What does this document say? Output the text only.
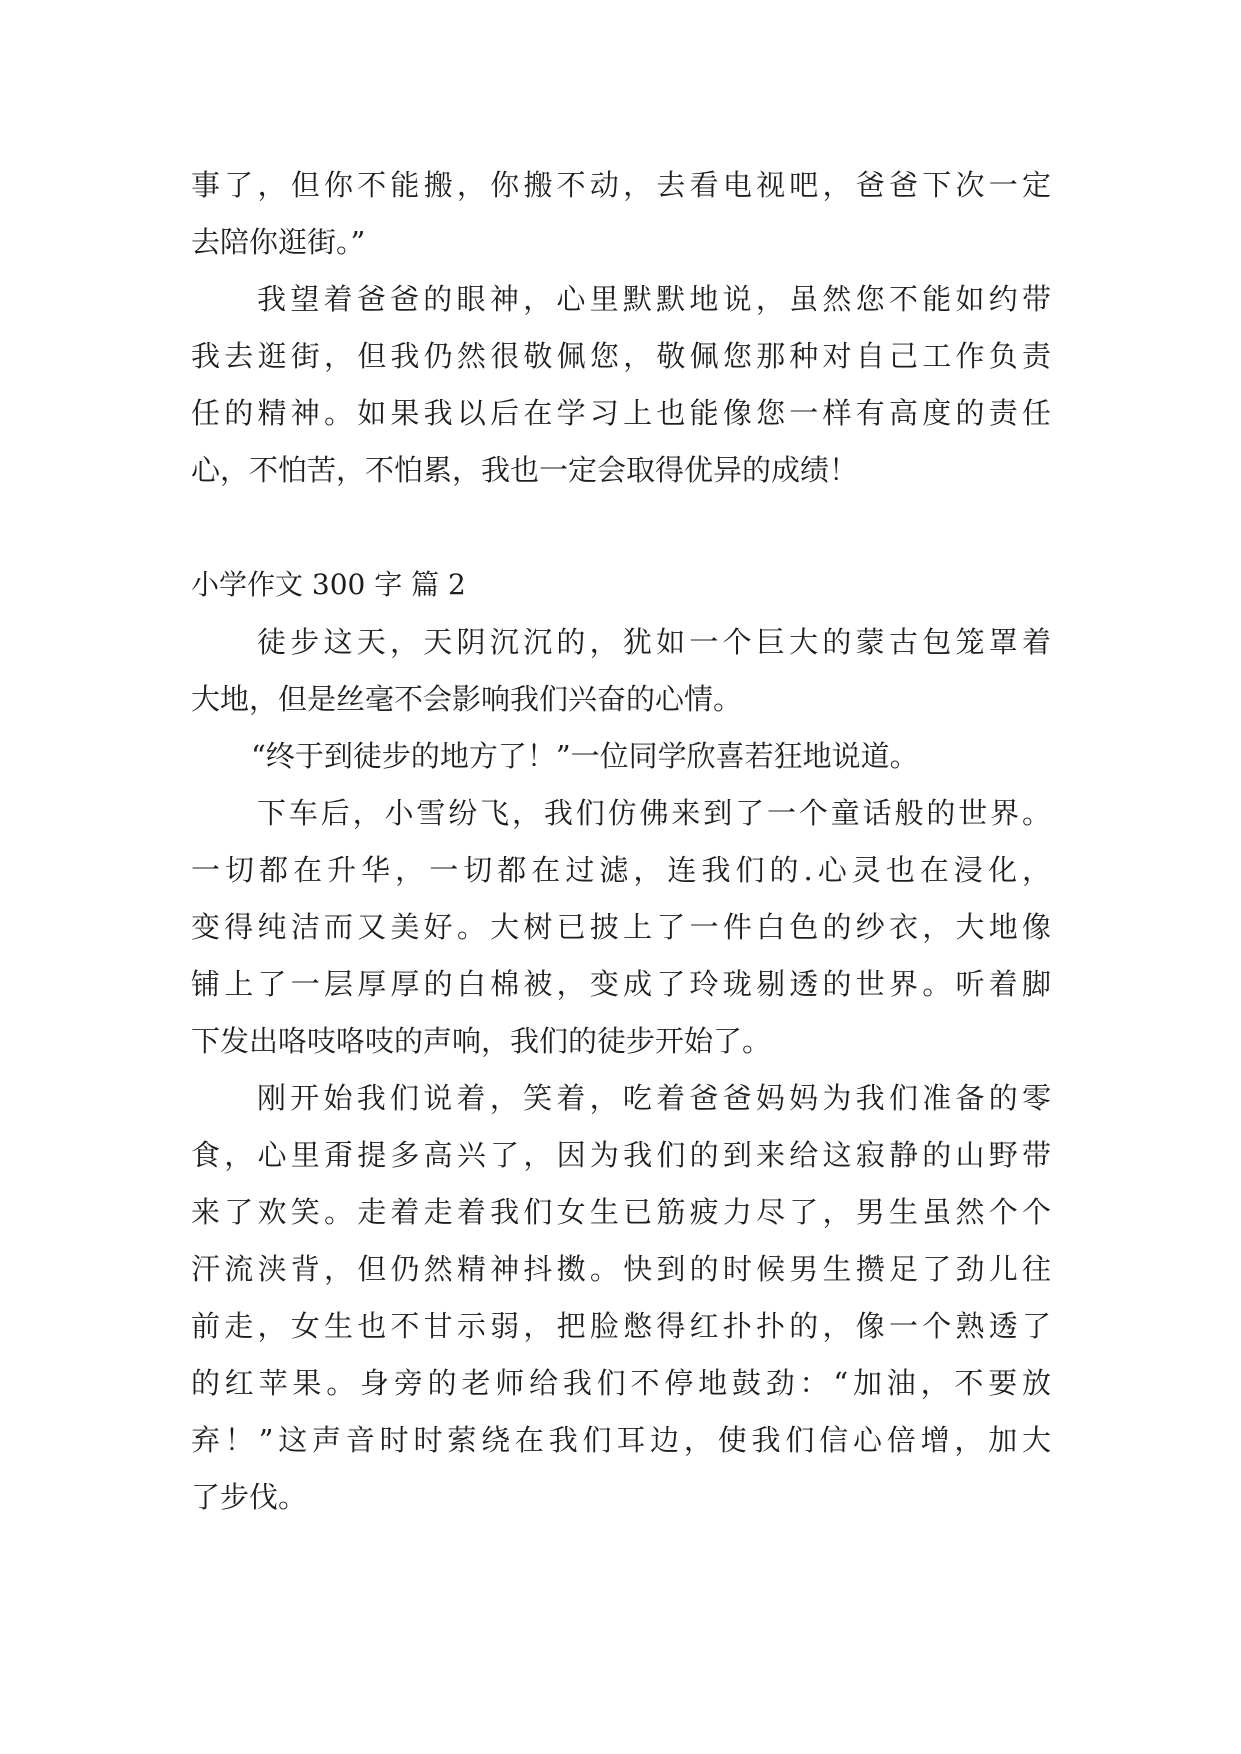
事了，但你不能搬，你搬不动，去看电视吧，爸爸下次一定
去陪你逛街。”
我望着爸爸的眼神，心里默默地说，虽然您不能如约带
我去逛街，但我仍然很敬佩您，敬佩您那种对自己工作负责
任的精神。如果我以后在学习上也能像您一样有高度的责任
心，不怕苦，不怕累，我也一定会取得优异的成绩！
小学作文 300 字 篇 2
徒步这天，天阴沉沉的，犹如一个巨大的蒙古包笼罩着
大地，但是丝毫不会影响我们兴奋的心情。
“终于到徒步的地方了！”一位同学欣喜若狂地说道。
下车后，小雪纷飞，我们仿佛来到了一个童话般的世界。
一切都在升华，一切都在过滤，连我们的.心灵也在浸化，
变得纯洁而又美好。大树已披上了一件白色的纱衣，大地像
铺上了一层厚厚的白棉被，变成了玲珑剔透的世界。听着脚
下发出咯吱咯吱的声响，我们的徒步开始了。
刚开始我们说着，笑着，吃着爸爸妈妈为我们准备的零
食，心里甭提多高兴了，因为我们的到来给这寂静的山野带
来了欢笑。走着走着我们女生已筋疲力尽了，男生虽然个个
汗流浃背，但仍然精神抖擞。快到的时候男生攒足了劲儿往
前走，女生也不甘示弱，把脸憋得红扑扑的，像一个熟透了
的红苹果。身旁的老师给我们不停地鼓劲：“加油，不要放
弃！”这声音时时萦绕在我们耳边，使我们信心倍增，加大
了步伐。
